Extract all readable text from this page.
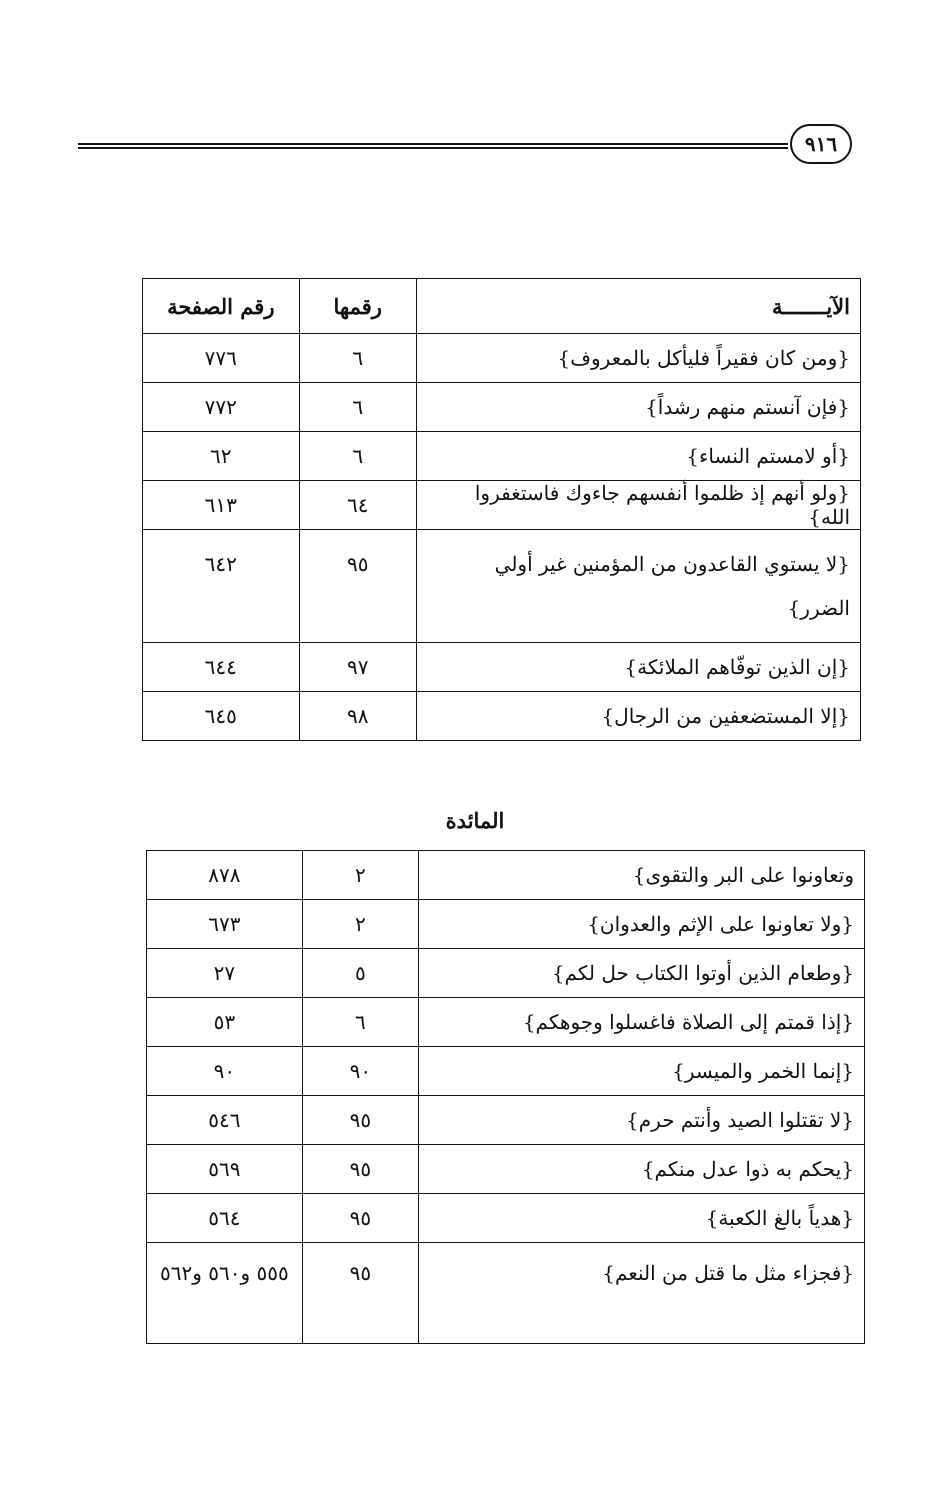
٩١٦
الآيـــــــة	رقمها	رقم الصفحة
{ومن كان فقيراً فليأكل بالمعروف}	٦	٧٧٦
{فإن آنستم منهم رشداً}	٦	٧٧٢
{أو لامستم النساء}	٦	٦٢
{ولو أنهم إذ ظلموا أنفسهم جاءوك فاستغفروا الله}	٦٤	٦١٣
{لا يستوي القاعدون من المؤمنين غير أولي الضرر}	٩٥	٦٤٢
{إن الذين توفّاهم الملائكة}	٩٧	٦٤٤
{إلا المستضعفين من الرجال}	٩٨	٦٤٥
المائدة
وتعاونوا على البر والتقوى}	٢	٨٧٨
{ولا تعاونوا على الإثم والعدوان}	٢	٦٧٣
{وطعام الذين أوتوا الكتاب حل لكم}	٥	٢٧
{إذا قمتم إلى الصلاة فاغسلوا وجوهكم}	٦	٥٣
{إنما الخمر والميسر}	٩٠	٩٠
{لا تقتلوا الصيد وأنتم حرم}	٩٥	٥٤٦
{يحكم به ذوا عدل منكم}	٩٥	٥٦٩
{هدياً بالغ الكعبة}	٩٥	٥٦٤
{فجزاء مثل ما قتل من النعم}	٩٥	٥٥٥ و٥٦٠ و٥٦٢
